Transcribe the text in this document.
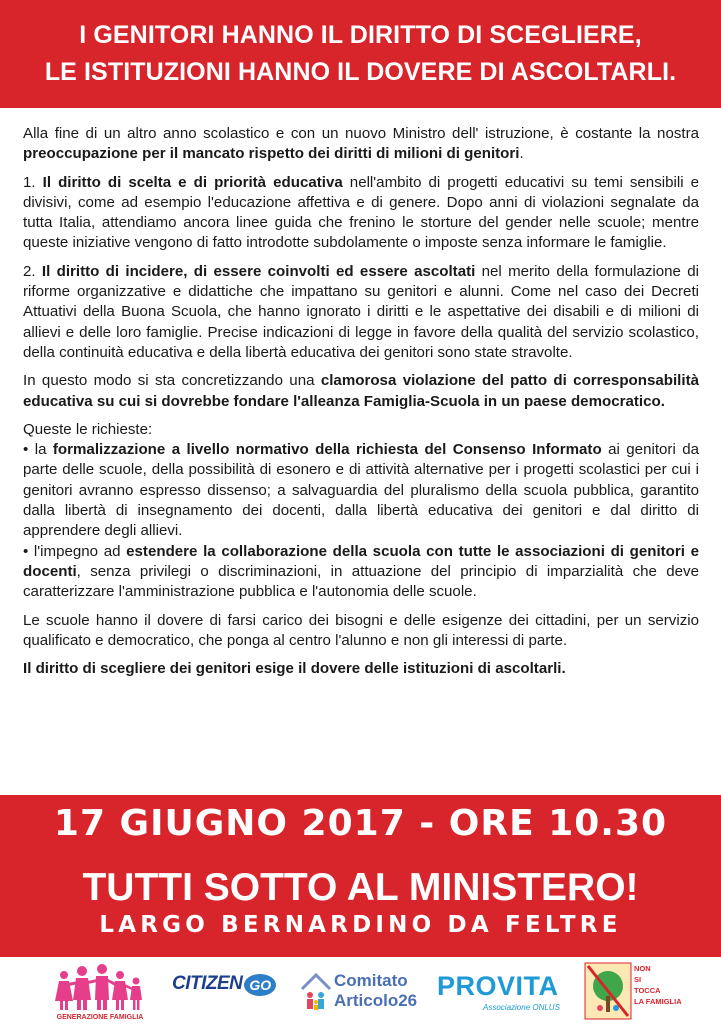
I GENITORI HANNO IL DIRITTO DI SCEGLIERE,
LE ISTITUZIONI HANNO IL DOVERE DI ASCOLTARLI.

Alla fine di un altro anno scolastico e con un nuovo Ministro dell' istruzione, è costante la nostra preoccupazione per il mancato rispetto dei diritti di milioni di genitori.

1. Il diritto di scelta e di priorità educativa nell'ambito di progetti educativi su temi sensibili e divisivi, come ad esempio l'educazione affettiva e di genere. Dopo anni di violazioni segnalate da tutta Italia, attendiamo ancora linee guida che frenino le storture del gender nelle scuole; mentre queste iniziative vengono di fatto introdotte subdolamente o imposte senza informare le famiglie.

2. Il diritto di incidere, di essere coinvolti ed essere ascoltati nel merito della formulazione di riforme organizzative e didattiche che impattano su genitori e alunni. Come nel caso dei Decreti Attuativi della Buona Scuola, che hanno ignorato i diritti e le aspettative dei disabili e di milioni di allievi e delle loro famiglie. Precise indicazioni di legge in favore della qualità del servizio scolastico, della continuità educativa e della libertà educativa dei genitori sono state stravolte.

In questo modo si sta concretizzando una clamorosa violazione del patto di corresponsabilità educativa su cui si dovrebbe fondare l'alleanza Famiglia-Scuola in un paese democratico.

Queste le richieste:

• la formalizzazione a livello normativo della richiesta del Consenso Informato ai genitori da parte delle scuole, della possibilità di esonero e di attività alternative per i progetti scolastici per cui i genitori avranno espresso dissenso; a salvaguardia del pluralismo della scuola pubblica, garantito dalla libertà di insegnamento dei docenti, dalla libertà educativa dei genitori e dal diritto di apprendere degli allievi.

• l'impegno ad estendere la collaborazione della scuola con tutte le associazioni di genitori e docenti, senza privilegi o discriminazioni, in attuazione del principio di imparzialità che deve caratterizzare l'amministrazione pubblica e l'autonomia delle scuole.

Le scuole hanno il dovere di farsi carico dei bisogni e delle esigenze dei cittadini, per un servizio qualificato e democratico, che ponga al centro l'alunno e non gli interessi di parte.

Il diritto di scegliere dei genitori esige il dovere delle istituzioni di ascoltarli.

17 GIUGNO 2017 - ORE 10.30
TUTTI SOTTO AL MINISTERO!
LARGO BERNARDINO DA FELTRE
GENERAZIONE FAMIGLIA
CITIZEN GO	Comitato
Articolo26 PROVITA
Associazione ONLUS
NON
SI
TOCCA
LA FAMIGLIA
